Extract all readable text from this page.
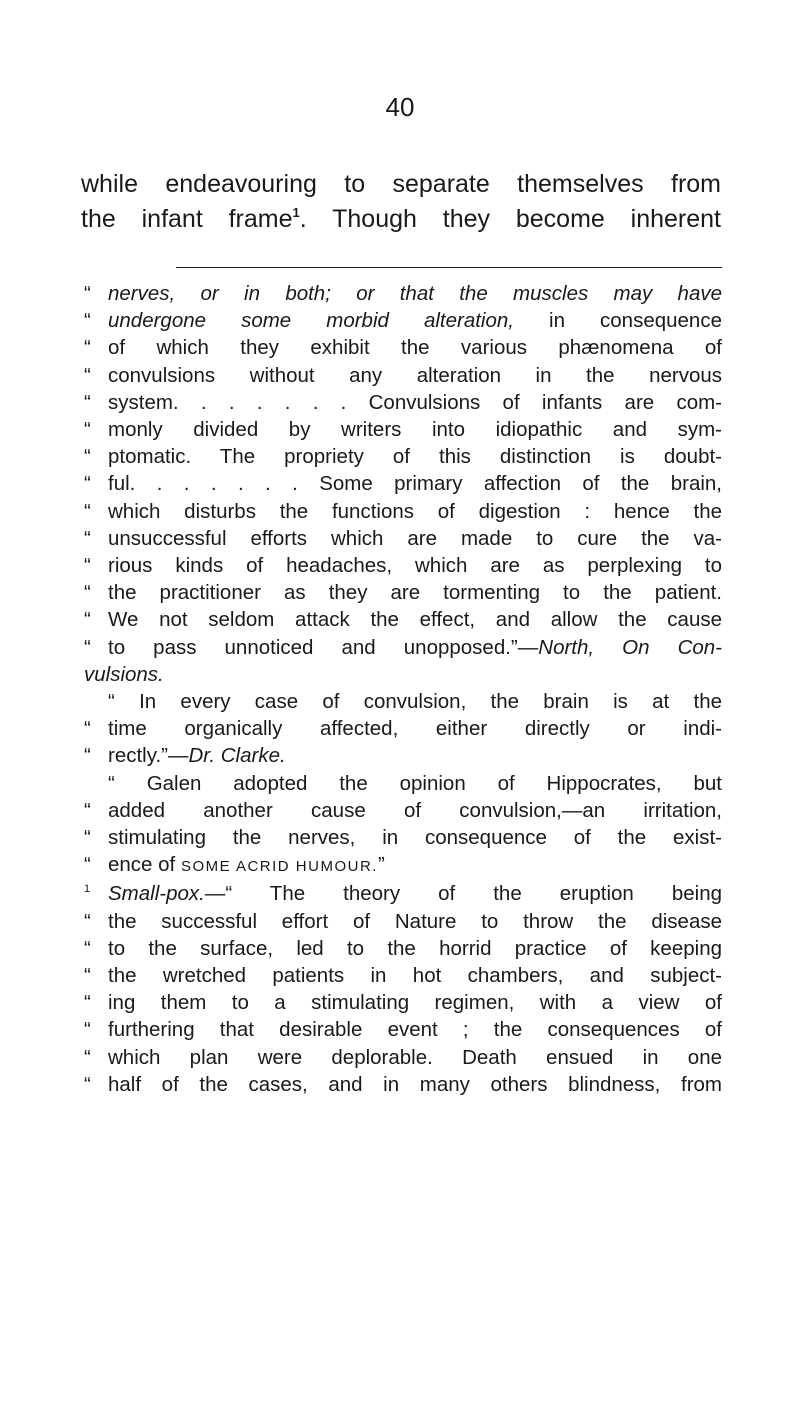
40
while endeavouring to separate themselves from
the infant frame$^1$. Though they become inherent
“ nerves, or in both; or that the muscles may have
“ undergone some morbid alteration, in consequence
“ of which they exhibit the various phænomena of
“ convulsions without any alteration in the nervous
“ system. . . . . . . Convulsions of infants are com-
“ monly divided by writers into idiopathic and sym-
“ ptomatic. The propriety of this distinction is doubt-
“ ful. . . . . . . Some primary affection of the brain,
“ which disturbs the functions of digestion : hence the
“ unsuccessful efforts which are made to cure the va-
“ rious kinds of headaches, which are as perplexing to
“ the practitioner as they are tormenting to the patient.
“ We not seldom attack the effect, and allow the cause
“ to pass unnoticed and unopposed.”—North, On Con-
vulsions.
“ In every case of convulsion, the brain is at the
“ time organically affected, either directly or indi-
“ rectly.”—Dr. Clarke.
“ Galen adopted the opinion of Hippocrates, but
“ added another cause of convulsion,—an irritation,
“ stimulating the nerves, in consequence of the exist-
“ ence of SOME ACRID HUMOUR.”
$^1$ Small-pox.—“ The theory of the eruption being
“ the successful effort of Nature to throw the disease
“ to the surface, led to the horrid practice of keeping
“ the wretched patients in hot chambers, and subject-
“ ing them to a stimulating regimen, with a view of
“ furthering that desirable event ; the consequences of
“ which plan were deplorable. Death ensued in one
“ half of the cases, and in many others blindness, from
